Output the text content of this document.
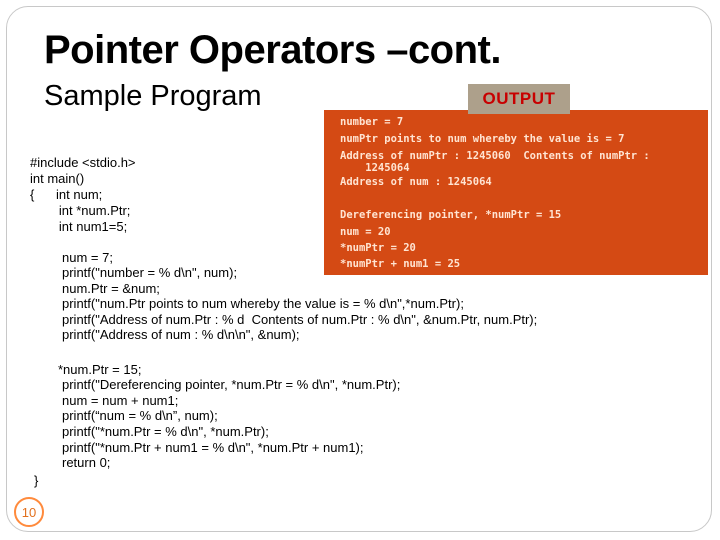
Pointer Operators –cont.
Sample Program	OUTPUT
number = 7
numPtr points to num whereby the value is = 7
Address of numPtr : 1245060  Contents of numPtr :
1245064
Address of num : 1245064
Dereferencing pointer, *numPtr = 15
num = 20
*numPtr = 20
*numPtr + num1 = 25
#include <stdio.h>
int main()
{      int num;
int *num.Ptr;
int num1=5;
num = 7;
printf("number = % d\n", num);
num.Ptr = &num;
printf("num.Ptr points to num whereby the value is = % d\n",*num.Ptr);
printf("Address of num.Ptr : % d  Contents of num.Ptr : % d\n", &num.Ptr, num.Ptr);
printf("Address of num : % d\n\n", &num);
*num.Ptr = 15;
printf("Dereferencing pointer, *num.Ptr = % d\n", *num.Ptr);
num = num + num1;
printf(“num = % d\n”, num);
printf("*num.Ptr = % d\n", *num.Ptr);
printf("*num.Ptr + num1 = % d\n", *num.Ptr + num1);
return 0;
}
10
